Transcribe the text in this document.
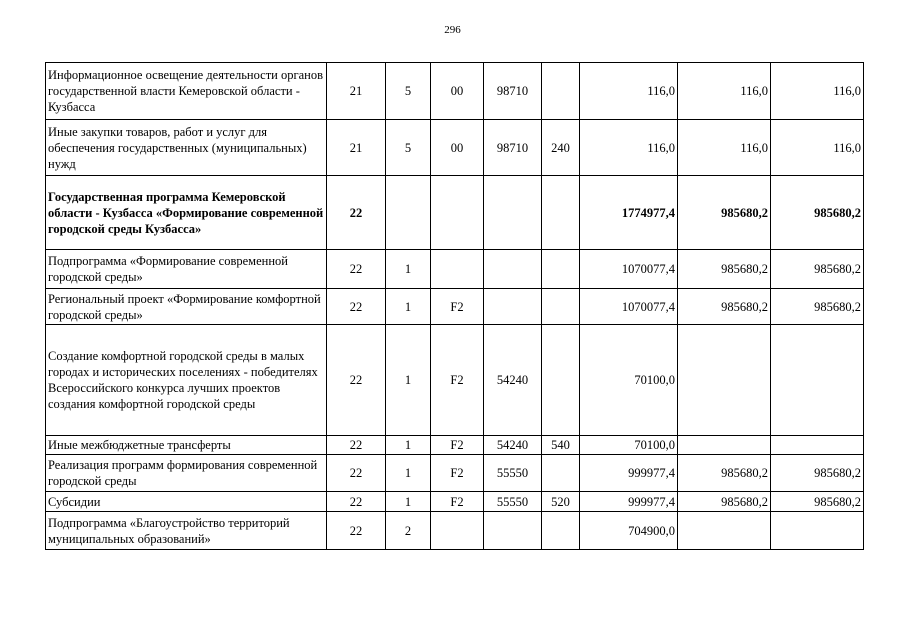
296
Информационное освещение деятельности органов государственной власти Кемеровской области - Кузбасса	21	5	00	98710		116,0	116,0	116,0
Иные закупки товаров, работ и услуг для обеспечения государственных (муниципальных) нужд	21	5	00	98710	240	116,0	116,0	116,0
Государственная программа Кемеровской области - Кузбасса «Формирование современной городской среды Кузбасса»	22					1774977,4	985680,2	985680,2
Подпрограмма «Формирование современной городской среды»	22	1				1070077,4	985680,2	985680,2
Региональный проект «Формирование комфортной городской среды»	22	1	F2			1070077,4	985680,2	985680,2
Создание комфортной городской среды в малых городах и исторических поселениях - победителях Всероссийского конкурса лучших проектов создания комфортной городской среды	22	1	F2	54240		70100,0		
Иные межбюджетные трансферты	22	1	F2	54240	540	70100,0		
Реализация программ формирования современной городской среды	22	1	F2	55550		999977,4	985680,2	985680,2
Субсидии	22	1	F2	55550	520	999977,4	985680,2	985680,2
Подпрограмма «Благоустройство территорий муниципальных образований»	22	2				704900,0		
